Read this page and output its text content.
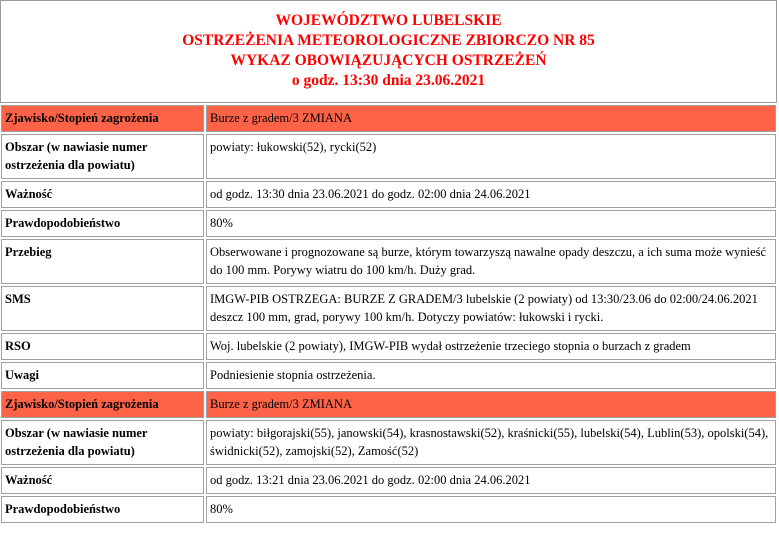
WOJEWÓDZTWO LUBELSKIE
OSTRZEŻENIA METEOROLOGICZNE ZBIORCZO NR 85
WYKAZ OBOWIĄZUJĄCYCH OSTRZEŻEŃ
o godz. 13:30 dnia 23.06.2021
Zjawisko/Stopień zagrożenia	Burze z gradem/3 ZMIANA
Obszar (w nawiasie numer ostrzeżenia dla powiatu)	powiaty: łukowski(52), rycki(52)
Ważność	od godz. 13:30 dnia 23.06.2021 do godz. 02:00 dnia 24.06.2021
Prawdopodobieństwo	80%
Przebieg	Obserwowane i prognozowane są burze, którym towarzyszą nawalne opady deszczu, a ich suma może wynieść do 100 mm. Porywy wiatru do 100 km/h. Duży grad.
SMS	IMGW-PIB OSTRZEGA: BURZE Z GRADEM/3 lubelskie (2 powiaty) od 13:30/23.06 do 02:00/24.06.2021 deszcz 100 mm, grad, porywy 100 km/h. Dotyczy powiatów: łukowski i rycki.
RSO	Woj. lubelskie (2 powiaty), IMGW-PIB wydał ostrzeżenie trzeciego stopnia o burzach z gradem
Uwagi	Podniesienie stopnia ostrzeżenia.
Zjawisko/Stopień zagrożenia	Burze z gradem/3 ZMIANA
Obszar (w nawiasie numer ostrzeżenia dla powiatu)	powiaty: biłgorajski(55), janowski(54), krasnostawski(52), kraśnicki(55), lubelski(54), Lublin(53), opolski(54), świdnicki(52), zamojski(52), Zamość(52)
Ważność	od godz. 13:21 dnia 23.06.2021 do godz. 02:00 dnia 24.06.2021
Prawdopodobieństwo	80%
